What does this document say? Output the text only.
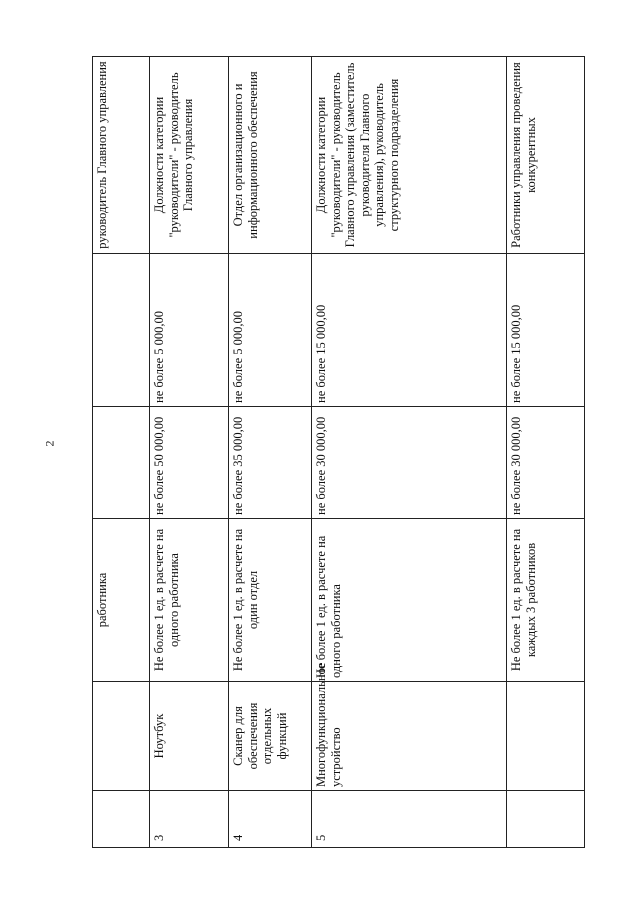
2
		работника			руководитель Главного управления
3	Ноутбук	Не более 1 ед. в расчете на одного работника	не более 50 000,00	не более 5 000,00	Должности категории "руководители" - руководитель Главного управления
4	Сканер для обеспечения отдельных функций	Не более 1 ед. в расчете на один отдел	не более 35 000,00	не более 5 000,00	Отдел организационного и информационного обеспечения
5	Многофункциональное устройство	Не более 1 ед. в расчете на одного работника	не более 30 000,00	не более 15 000,00	Должности категории "руководители" - руководитель Главного управления (заместитель руководителя Главного управления), руководитель структурного подразделения
		Не более 1 ед. в расчете на каждых 3 работников	не более 30 000,00	не более 15 000,00	Работники управления проведения конкурентных
